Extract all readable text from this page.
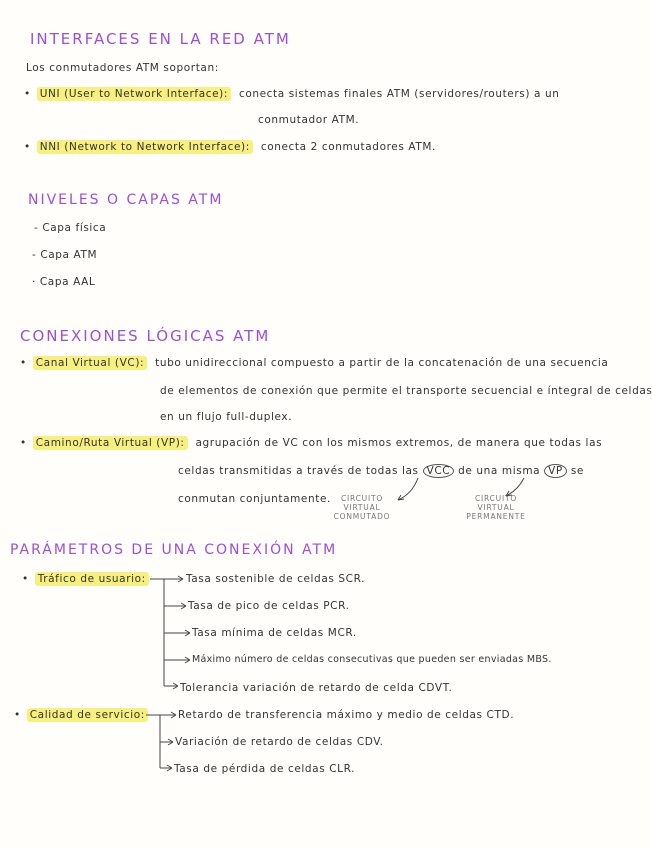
INTERFACES EN LA RED ATM
Los conmutadores ATM soportan:
• UNI (User to Network Interface): conecta sistemas finales ATM (servidores/routers) a un
conmutador ATM.
• NNI (Network to Network Interface): conecta 2 conmutadores ATM.
NIVELES O CAPAS ATM
- Capa física
- Capa ATM
· Capa AAL
CONEXIONES LÓGICAS ATM
• Canal Virtual (VC): tubo unidireccional compuesto a partir de la concatenación de una secuencia
de elementos de conexión que permite el transporte secuencial e íntegral de celdas
en un flujo full-duplex.
• Camino/Ruta Virtual (VP): agrupación de VC con los mismos extremos, de manera que todas las
celdas transmitidas a través de todas las VCC de una misma VP se
conmutan conjuntamente.	CIRCUITO VIRTUAL CONMUTADO
CIRCUITO VIRTUAL PERMANENTE
PARÁMETROS DE UNA CONEXIÓN ATM
• Tráfico de usuario:	Tasa sostenible de celdas SCR.
Tasa de pico de celdas PCR.
Tasa mínima de celdas MCR.
Máximo número de celdas consecutivas que pueden ser enviadas MBS.
Tolerancia variación de retardo de celda CDVT.
• Calidad de servicio:	Retardo de transferencia máximo y medio de celdas CTD.
Variación de retardo de celdas CDV.
Tasa de pérdida de celdas CLR.
